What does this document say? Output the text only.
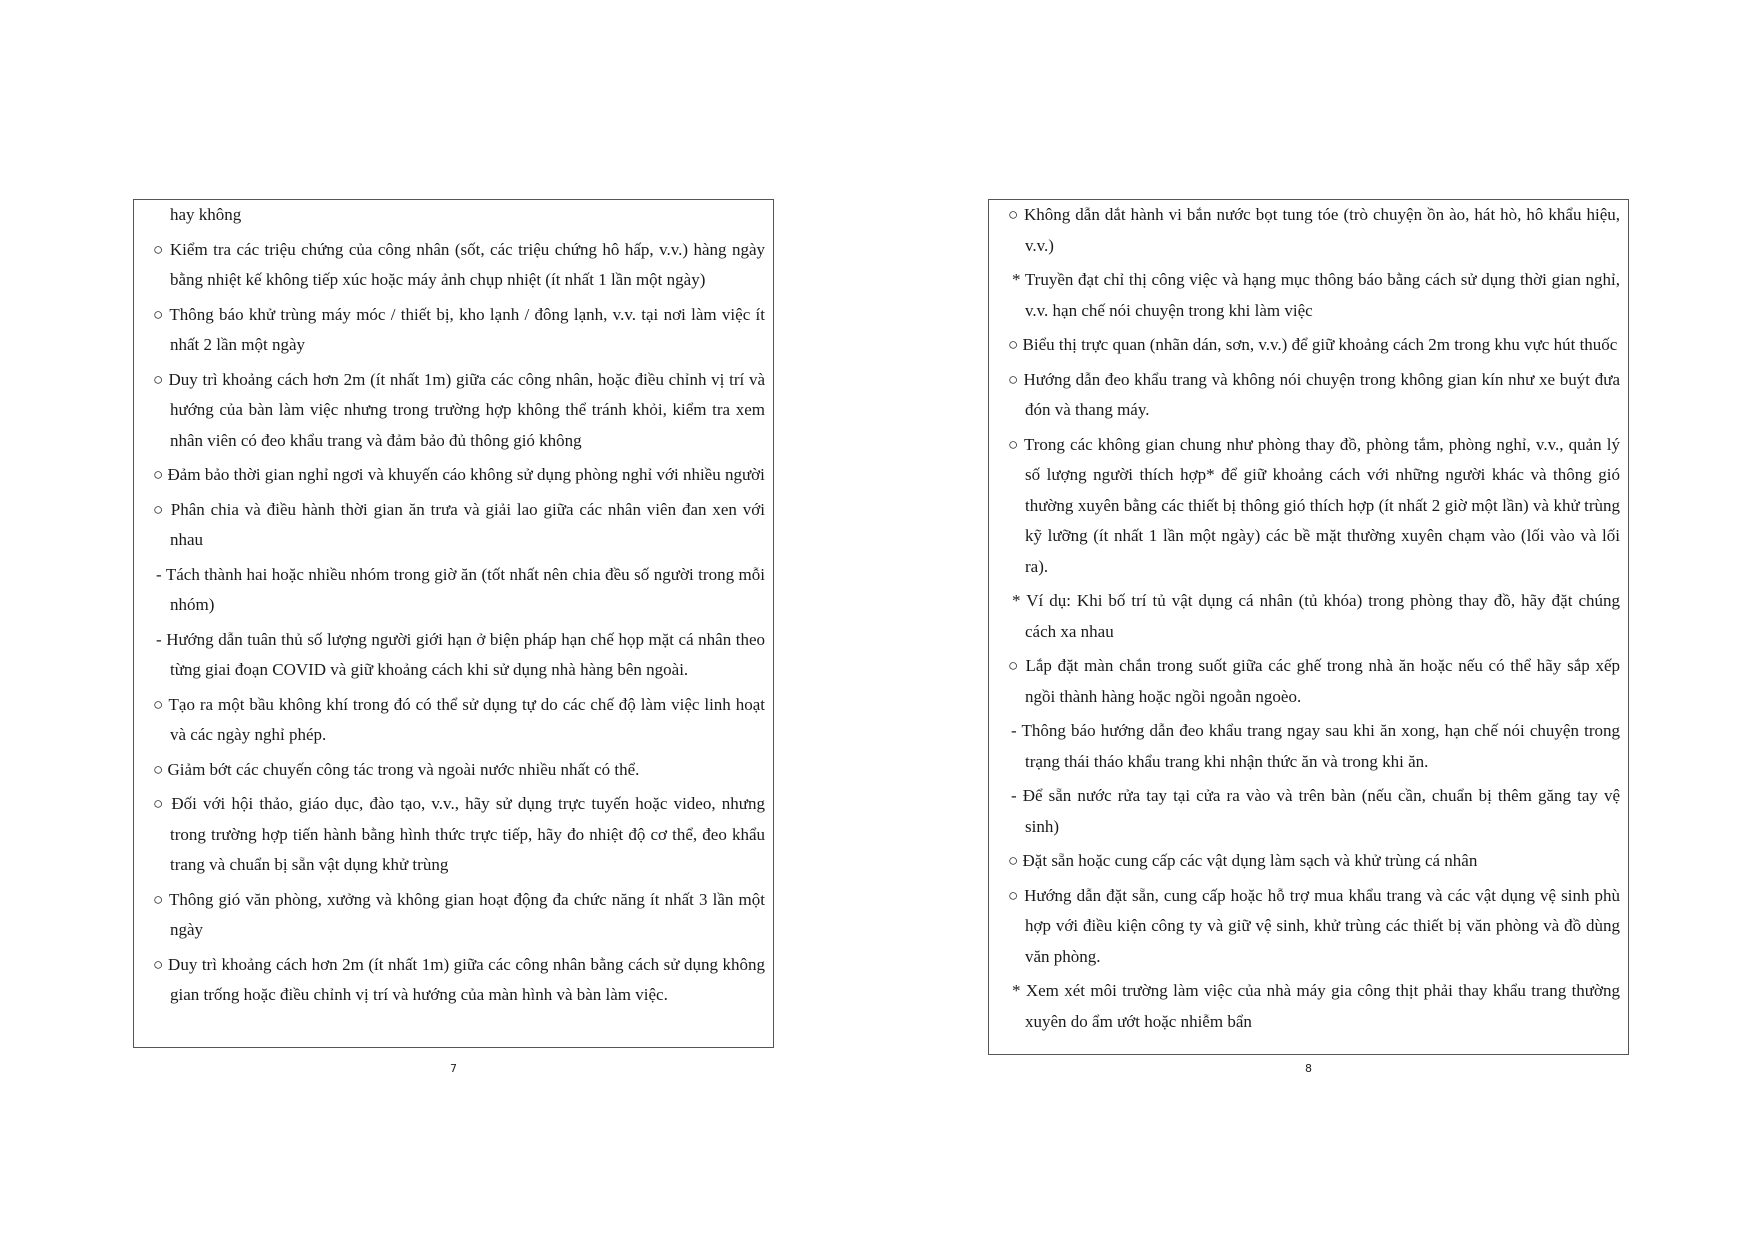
hay không
○ Kiểm tra các triệu chứng của công nhân (sốt, các triệu chứng hô hấp, v.v.) hàng ngày bằng nhiệt kế không tiếp xúc hoặc máy ảnh chụp nhiệt (ít nhất 1 lần một ngày)
○ Thông báo khử trùng máy móc / thiết bị, kho lạnh / đông lạnh, v.v. tại nơi làm việc ít nhất 2 lần một ngày
○ Duy trì khoảng cách hơn 2m (ít nhất 1m) giữa các công nhân, hoặc điều chỉnh vị trí và hướng của bàn làm việc nhưng trong trường hợp không thể tránh khỏi, kiểm tra xem nhân viên có đeo khẩu trang và đảm bảo đủ thông gió không
○ Đảm bảo thời gian nghỉ ngơi và khuyến cáo không sử dụng phòng nghỉ với nhiều người
○ Phân chia và điều hành thời gian ăn trưa và giải lao giữa các nhân viên đan xen với nhau
- Tách thành hai hoặc nhiều nhóm trong giờ ăn (tốt nhất nên chia đều số người trong mỗi nhóm)
- Hướng dẫn tuân thủ số lượng người giới hạn ở biện pháp hạn chế họp mặt cá nhân theo từng giai đoạn COVID và giữ khoảng cách khi sử dụng nhà hàng bên ngoài.
○ Tạo ra một bầu không khí trong đó có thể sử dụng tự do các chế độ làm việc linh hoạt và các ngày nghỉ phép.
○ Giảm bớt các chuyến công tác trong và ngoài nước nhiều nhất có thể.
○ Đối với hội thảo, giáo dục, đào tạo, v.v., hãy sử dụng trực tuyến hoặc video, nhưng trong trường hợp tiến hành bằng hình thức trực tiếp, hãy đo nhiệt độ cơ thể, đeo khẩu trang và chuẩn bị sẵn vật dụng khử trùng
○ Thông gió văn phòng, xưởng và không gian hoạt động đa chức năng ít nhất 3 lần một ngày
○ Duy trì khoảng cách hơn 2m (ít nhất 1m) giữa các công nhân bằng cách sử dụng không gian trống hoặc điều chỉnh vị trí và hướng của màn hình và bàn làm việc.
7
○ Không dẫn dắt hành vi bắn nước bọt tung tóe (trò chuyện ồn ào, hát hò, hô khẩu hiệu, v.v.)
* Truyền đạt chỉ thị công việc và hạng mục thông báo bằng cách sử dụng thời gian nghỉ, v.v. hạn chế nói chuyện trong khi làm việc
○ Biểu thị trực quan (nhãn dán, sơn, v.v.) để giữ khoảng cách 2m trong khu vực hút thuốc
○ Hướng dẫn đeo khẩu trang và không nói chuyện trong không gian kín như xe buýt đưa đón và thang máy.
○ Trong các không gian chung như phòng thay đồ, phòng tắm, phòng nghỉ, v.v., quản lý số lượng người thích hợp* để giữ khoảng cách với những người khác và thông gió thường xuyên bằng các thiết bị thông gió thích hợp (ít nhất 2 giờ một lần) và khử trùng kỹ lưỡng (ít nhất 1 lần một ngày) các bề mặt thường xuyên chạm vào (lối vào và lối ra).
* Ví dụ: Khi bố trí tủ vật dụng cá nhân (tủ khóa) trong phòng thay đồ, hãy đặt chúng cách xa nhau
○ Lắp đặt màn chắn trong suốt giữa các ghế trong nhà ăn hoặc nếu có thể hãy sắp xếp ngồi thành hàng hoặc ngồi ngoằn ngoèo.
- Thông báo hướng dẫn đeo khẩu trang ngay sau khi ăn xong, hạn chế nói chuyện trong trạng thái tháo khẩu trang khi nhận thức ăn và trong khi ăn.
- Để sẵn nước rửa tay tại cửa ra vào và trên bàn (nếu cần, chuẩn bị thêm găng tay vệ sinh)
○ Đặt sẵn hoặc cung cấp các vật dụng làm sạch và khử trùng cá nhân
○ Hướng dẫn đặt sẵn, cung cấp hoặc hỗ trợ mua khẩu trang và các vật dụng vệ sinh phù hợp với điều kiện công ty và giữ vệ sinh, khử trùng các thiết bị văn phòng và đồ dùng văn phòng.
* Xem xét môi trường làm việc của nhà máy gia công thịt phải thay khẩu trang thường xuyên do ẩm ướt hoặc nhiễm bẩn
8
